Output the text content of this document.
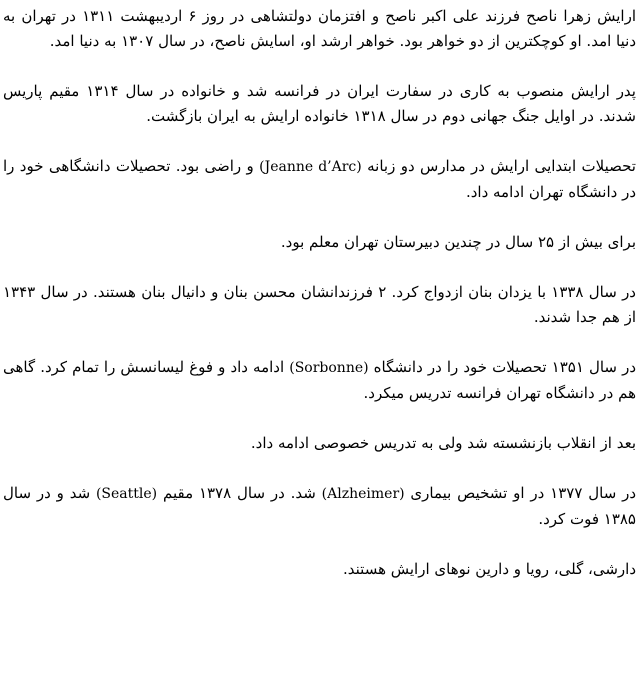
ارایش زهرا ناصح فرزند علی اکبر ناصح و افتزمان دولتشاهی در روز ۶ اردیبهشت ۱۳۱۱ در تهران به دنیا امد. او کوچکترین از دو خواهر بود. خواهر ارشد او، اسایش ناصح، در سال ۱۳۰۷ به دنیا امد.

پدر ارایش منصوب به کاری در سفارت ایران در فرانسه شد و خانواده در سال ۱۳۱۴ مقیم پاریس شدند. در اوایل جنگ جهانی دوم در سال ۱۳۱۸ خانواده ارایش به ایران بازگشت.

تحصیلات ابتدایی ارایش در مدارس دو زبانه (Jeanne d’Arc) و راضی بود. تحصیلات دانشگاهی خود را در دانشگاه تهران ادامه داد.

برای بیش از ۲۵ سال در چندین دبیرستان تهران معلم بود.

در سال ۱۳۳۸ با یزدان بنان ازدواج کرد. ۲ فرزندانشان محسن بنان و دانیال بنان هستند. در سال ۱۳۴۳ از هم جدا شدند.

در سال ۱۳۵۱ تحصیلات خود را در دانشگاه (Sorbonne) ادامه داد و فوغ لیسانسش را تمام کرد. گاهی هم در دانشگاه تهران فرانسه تدریس میکرد.

بعد از انقلاب بازنشسته شد ولی به تدریس خصوصی ادامه داد.

در سال ۱۳۷۷ در او تشخیص بیماری (Alzheimer) شد. در سال ۱۳۷۸ مقیم (Seattle) شد و در سال ۱۳۸۵ فوت کرد.

دارشی، گلی، رویا و دارین نوهای ارایش هستند.
